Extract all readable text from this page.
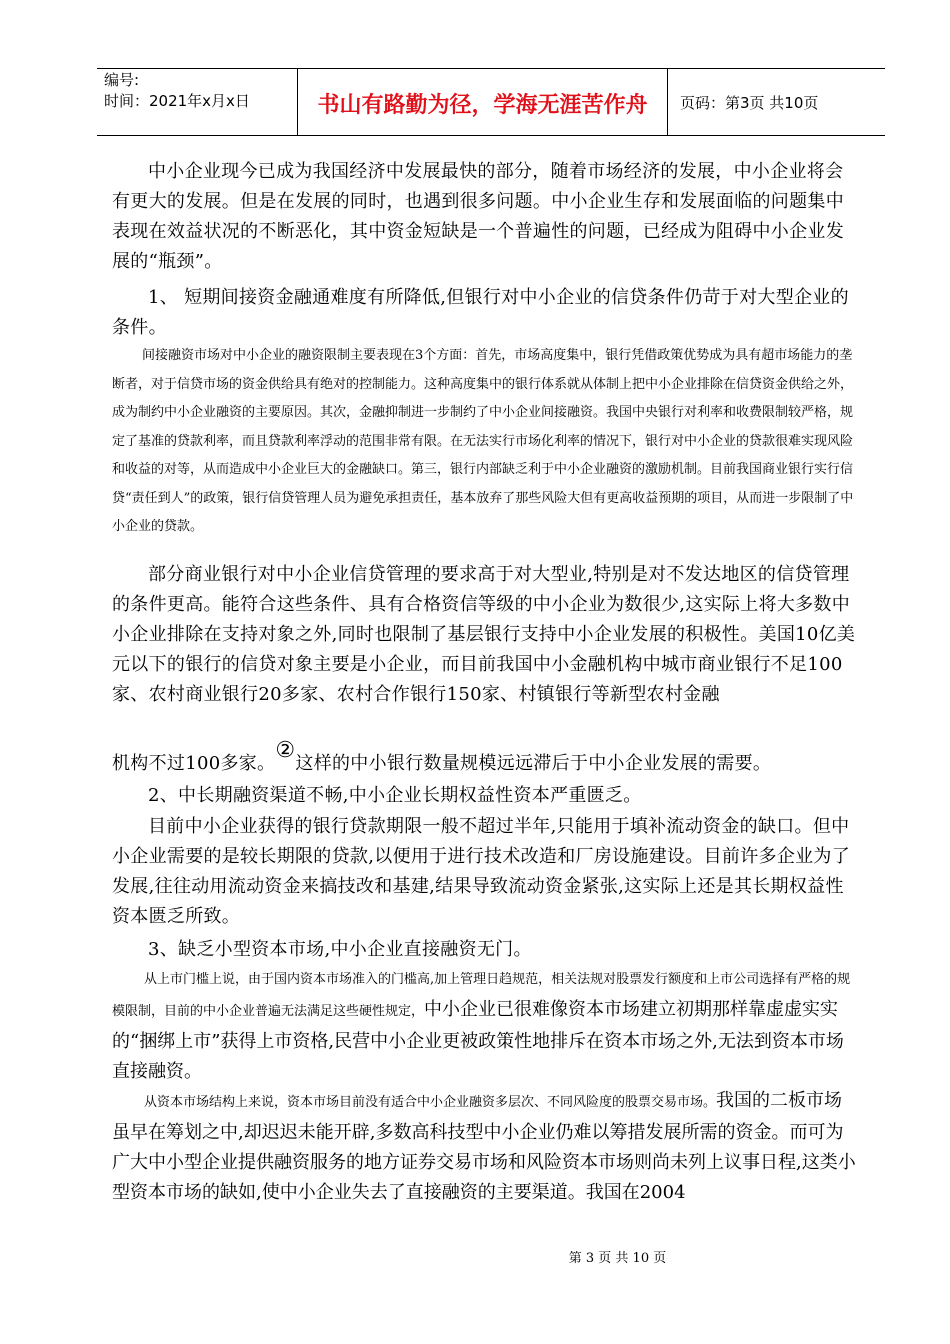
编号:
时间：2021年x月x日	书山有路勤为径，学海无涯苦作舟	页码：第3页 共10页
中小企业现今已成为我国经济中发展最快的部分，随着市场经济的发展，中小企业将会有更大的发展。但是在发展的同时，也遇到很多问题。中小企业生存和发展面临的问题集中表现在效益状况的不断恶化，其中资金短缺是一个普遍性的问题，已经成为阻碍中小企业发展的“瓶颈”。
1、 短期间接资金融通难度有所降低,但银行对中小企业的信贷条件仍苛于对大型企业的条件。
间接融资市场对中小企业的融资限制主要表现在3个方面：首先，市场高度集中，银行凭借政策优势成为具有超市场能力的垄断者，对于信贷市场的资金供给具有绝对的控制能力。这种高度集中的银行体系就从体制上把中小企业排除在信贷资金供给之外，成为制约中小企业融资的主要原因。其次，金融抑制进一步制约了中小企业间接融资。我国中央银行对利率和收费限制较严格，规定了基准的贷款利率，而且贷款利率浮动的范围非常有限。在无法实行市场化利率的情况下，银行对中小企业的贷款很难实现风险和收益的对等，从而造成中小企业巨大的金融缺口。第三，银行内部缺乏利于中小企业融资的激励机制。目前我国商业银行实行信贷“责任到人”的政策，银行信贷管理人员为避免承担责任，基本放弃了那些风险大但有更高收益预期的项目，从而进一步限制了中小企业的贷款。
部分商业银行对中小企业信贷管理的要求高于对大型业,特别是对不发达地区的信贷管理的条件更高。能符合这些条件、具有合格资信等级的中小企业为数很少,这实际上将大多数中小企业排除在支持对象之外,同时也限制了基层银行支持中小企业发展的积极性。美国10亿美元以下的银行的信贷对象主要是小企业，而目前我国中小金融机构中城市商业银行不足100家、农村商业银行20多家、农村合作银行150家、村镇银行等新型农村金融
机构不过100多家。②这样的中小银行数量规模远远滞后于中小企业发展的需要。
2、中长期融资渠道不畅,中小企业长期权益性资本严重匮乏。
目前中小企业获得的银行贷款期限一般不超过半年,只能用于填补流动资金的缺口。但中小企业需要的是较长期限的贷款,以便用于进行技术改造和厂房设施建设。目前许多企业为了发展,往往动用流动资金来搞技改和基建,结果导致流动资金紧张,这实际上还是其长期权益性资本匮乏所致。
3、缺乏小型资本市场,中小企业直接融资无门。
从上市门槛上说，由于国内资本市场准入的门槛高,加上管理日趋规范，相关法规对股票发行额度和上市公司选择有严格的规模限制，目前的中小企业普遍无法满足这些硬性规定，中小企业已很难像资本市场建立初期那样靠虚虚实实的“捆绑上市”获得上市资格,民营中小企业更被政策性地排斥在资本市场之外,无法到资本市场直接融资。
从资本市场结构上来说，资本市场目前没有适合中小企业融资多层次、不同风险度的股票交易市场。我国的二板市场虽早在筹划之中,却迟迟未能开辟,多数高科技型中小企业仍难以筹措发展所需的资金。而可为广大中小型企业提供融资服务的地方证券交易市场和风险资本市场则尚未列上议事日程,这类小型资本市场的缺如,使中小企业失去了直接融资的主要渠道。我国在2004
第 3 页 共 10 页
